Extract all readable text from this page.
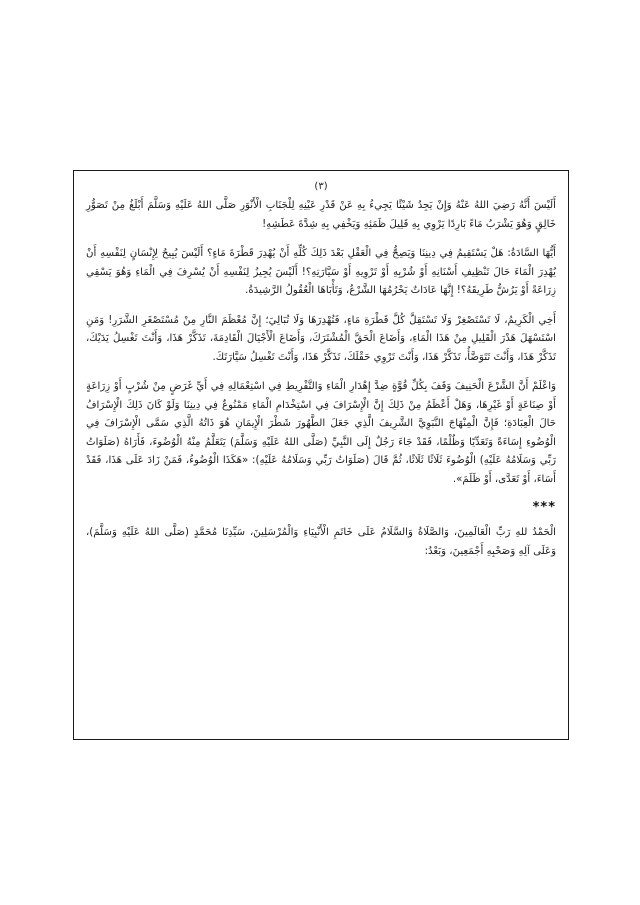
(٣)

أَلَيْسَ أَنَّهُ رَضِيَ اللهُ عَنْهُ وَإِنْ يَجِدُ شَيْئًا يَجِيءُ بِهِ عَنْ قَدْرِ عَيْنِهِ لِلْجَنَابِ الْأَنْوَرِ صَلَّى اللهُ عَلَيْهِ وَسَلَّمَ أَبْلَغُ مِنْ تَصَوُّرِ خَالِقٍ وَهُوَ يَشْرَبُ مَاءً بَارِدًا يَرْوِي بِهِ قَلِيلَ ظَمَئِهِ وَيَخْفِي بِهِ شِدَّةَ عَطَشِهِ!

أَيُّهَا السَّادَةُ: هَلْ يَسْتَقِيمُ فِي دِينِنَا وَيَصِحُّ فِي الْعَقْلِ بَعْدَ ذَلِكَ كُلِّهِ أَنْ يُهْدِرَ قَطْرَةَ مَاءٍ؟ أَلَيْسَ يُبِيحُ لِإِنْسَانٍ لِنَفْسِهِ أَنْ يُهْدِرَ الْمَاءَ حَالَ تَنْظِيفِ أَسْنَانِهِ أَوْ شُرْبِهِ أَوْ تَرْوِيهِ أَوْ سَيَّارَتِهِ؟! أَلَيْسَ يُجِيزُ لِنَفْسِهِ أَنْ يُسْرِفَ فِي الْمَاءِ وَهُوَ يَسْقِي زِرَاعَةً أَوْ يَرُشُّ طَرِيقَهُ؟! إِنَّهَا عَادَاتٌ يَحْرُمُهَا الشَّرْعُ، وَتَأْبَاهَا الْعُقُولُ الرَّشِيدَةُ.

أَخِي الْكَرِيمُ، لَا تَسْتَصْغِرْ وَلَا تَسْتَقِلَّ كُلَّ قَطْرَةِ مَاءٍ، فَتُهْدِرَهَا وَلَا تُبَالِيَ؛ إِنَّ مُعْظَمَ النَّارِ مِنْ مُسْتَصْغَرِ الشَّرَرِ! وَمَنِ اسْتَسْهَلَ هَدْرَ الْقَلِيلِ مِنْ هَذَا الْمَاءِ، وَأَضَاعَ الْحَقَّ الْمُشْتَرَكَ، وَأَضَاعَ الْأَجْيَالَ الْقَادِمَةَ، تَذَكَّرْ هَذَا، وَأَنْتَ تَغْسِلُ يَدَيْكَ، تَذَكَّرْ هَذَا، وَأَنْتَ تَتَوَضَّأُ، تَذَكَّرْ هَذَا، وَأَنْتَ تَرْوِي حَقْلَكَ، تَذَكَّرْ هَذَا، وَأَنْتَ تَغْسِلُ سَيَّارَتَكَ.

وَاعْلَمْ أَنَّ الشَّرْعَ الْحَنِيفَ وَقَفَ بِكُلِّ قُوَّةٍ ضِدَّ إِهْدَارِ الْمَاءِ وَالتَّفْرِيطِ فِي اسْتِعْمَالِهِ فِي أَيِّ غَرَضٍ مِنْ شُرْبٍ أَوْ زِرَاعَةٍ أَوْ صِنَاعَةٍ أَوْ غَيْرِهَا، وَهَلْ أَعْظَمُ مِنْ ذَلِكَ إِنَّ الْإِسْرَافَ فِي اسْتِخْدَامِ الْمَاءِ مَمْنُوعٌ فِي دِينِنَا وَلَوْ كَانَ ذَلِكَ الْإِسْرَافُ حَالَ الْعِبَادَةِ؛ فَإِنَّ الْمِنْهَاجَ النَّبَوِيَّ الشَّرِيفَ الَّذِي جَعَلَ الطَّهُورَ شَطْرَ الْإِيمَانِ هُوَ ذَاتُهُ الَّذِي سَمَّى الْإِسْرَافَ فِي الْوُضُوءِ إِسَاءَةً وَتَعَدِّيًا وَظُلْمًا، فَقَدْ جَاءَ رَجُلٌ إِلَى النَّبِيِّ (صَلَّى اللهُ عَلَيْهِ وَسَلَّمَ) يَتَعَلَّمُ مِنْهُ الْوُضُوءَ، فَأَرَاهُ (صَلَوَاتُ رَبِّي وَسَلَامُهُ عَلَيْهِ) الْوُضُوءَ ثَلَاثًا ثَلَاثًا، ثُمَّ قَالَ (صَلَوَاتُ رَبِّي وَسَلَامُهُ عَلَيْهِ): «هَكَذَا الْوُضُوءُ، فَمَنْ زَادَ عَلَى هَذَا، فَقَدْ أَسَاءَ، أَوْ تَعَدَّى، أَوْ ظَلَمَ».

***

الْحَمْدُ للهِ رَبِّ الْعَالَمِينَ، وَالصَّلَاةُ وَالسَّلَامُ عَلَى خَاتَمِ الْأَنْبِيَاءِ وَالْمُرْسَلِينَ، سَيِّدِنَا مُحَمَّدٍ (صَلَّى اللهُ عَلَيْهِ وَسَلَّمَ)، وَعَلَى آلِهِ وَصَحْبِهِ أَجْمَعِينَ، وَبَعْدُ:
